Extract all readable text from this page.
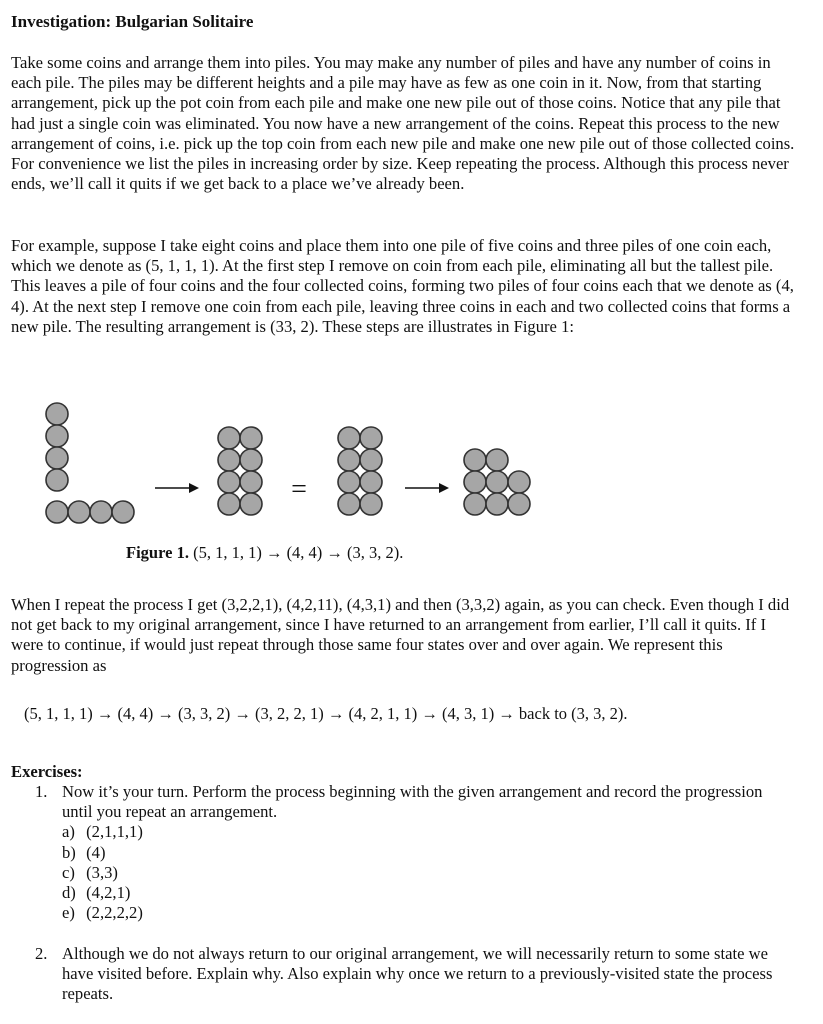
Investigation: Bulgarian Solitaire

Take some coins and arrange them into piles. You may make any number of piles and have any number of coins in each pile. The piles may be different heights and a pile may have as few as one coin in it. Now, from that starting arrangement, pick up the pot coin from each pile and make one new pile out of those coins. Notice that any pile that had just a single coin was eliminated. You now have a new arrangement of the coins. Repeat this process to the new arrangement of coins, i.e. pick up the top coin from each new pile and make one new pile out of those collected coins. For convenience we list the piles in increasing order by size. Keep repeating the process. Although this process never ends, we’ll call it quits if we get back to a place we’ve already been.

For example, suppose I take eight coins and place them into one pile of five coins and three piles of one coin each, which we denote as (5, 1, 1, 1). At the first step I remove on coin from each pile, eliminating all but the tallest pile. This leaves a pile of four coins and the four collected coins, forming two piles of four coins each that we denote as (4, 4). At the next step I remove one coin from each pile, leaving three coins in each and two collected coins that forms a new pile. The resulting arrangement is (33, 2). These steps are illustrates in Figure 1:

=
Figure 1. (5, 1, 1, 1) → (4, 4) → (3, 3, 2).

When I repeat the process I get (3,2,2,1), (4,2,11), (4,3,1) and then (3,3,2) again, as you can check. Even though I did not get back to my original arrangement, since I have returned to an arrangement from earlier, I’ll call it quits. If I were to continue, if would just repeat through those same four states over and over again. We represent this progression as

(5, 1, 1, 1) → (4, 4) → (3, 3, 2) → (3, 2, 2, 1) → (4, 2, 1, 1) → (4, 3, 1) → back to (3, 3, 2).
Exercises:
1. Now it’s your turn. Perform the process beginning with the given arrangement and record the progression until you repeat an arrangement.
a) (2,1,1,1)
b) (4)
c) (3,3)
d) (4,2,1)
e) (2,2,2,2)
2. Although we do not always return to our original arrangement, we will necessarily return to some state we have visited before. Explain why. Also explain why once we return to a previously-visited state the process repeats.
